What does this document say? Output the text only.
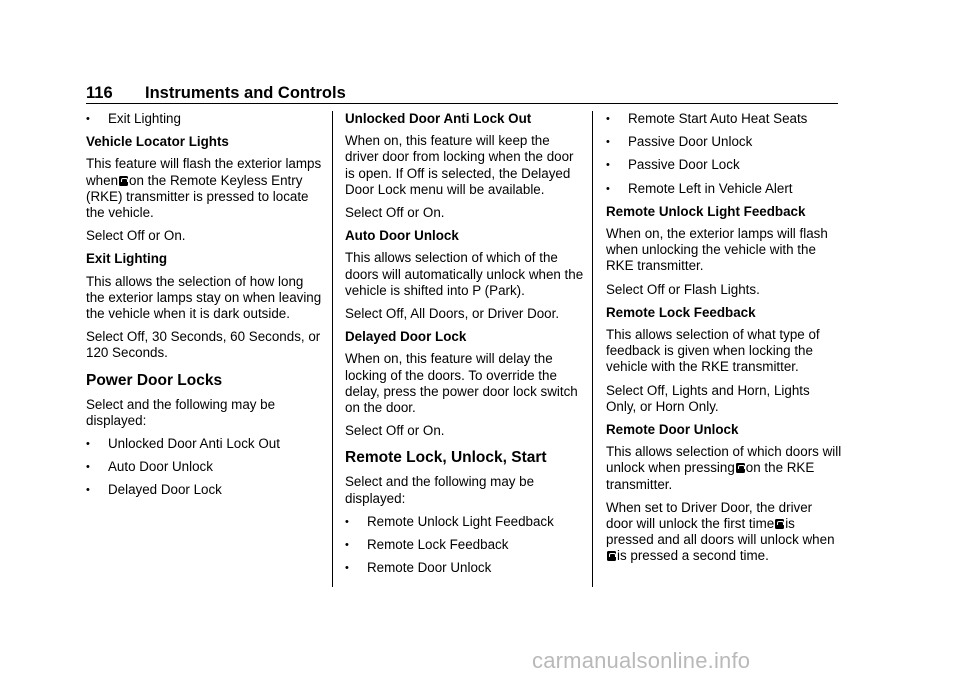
116 Instruments and Controls
• Exit Lighting
Vehicle Locator Lights
This feature will flash the exterior lamps when on the Remote Keyless Entry (RKE) transmitter is pressed to locate the vehicle.
Select Off or On.
Exit Lighting
This allows the selection of how long the exterior lamps stay on when leaving the vehicle when it is dark outside.
Select Off, 30 Seconds, 60 Seconds, or 120 Seconds.
Power Door Locks
Select and the following may be displayed:
• Unlocked Door Anti Lock Out
• Auto Door Unlock
• Delayed Door Lock
Unlocked Door Anti Lock Out
When on, this feature will keep the driver door from locking when the door is open. If Off is selected, the Delayed Door Lock menu will be available.
Select Off or On.
Auto Door Unlock
This allows selection of which of the doors will automatically unlock when the vehicle is shifted into P (Park).
Select Off, All Doors, or Driver Door.
Delayed Door Lock
When on, this feature will delay the locking of the doors. To override the delay, press the power door lock switch on the door.
Select Off or On.
Remote Lock, Unlock, Start
Select and the following may be displayed:
• Remote Unlock Light Feedback
• Remote Lock Feedback
• Remote Door Unlock
• Remote Start Auto Heat Seats
• Passive Door Unlock
• Passive Door Lock
• Remote Left in Vehicle Alert
Remote Unlock Light Feedback
When on, the exterior lamps will flash when unlocking the vehicle with the RKE transmitter.
Select Off or Flash Lights.
Remote Lock Feedback
This allows selection of what type of feedback is given when locking the vehicle with the RKE transmitter.
Select Off, Lights and Horn, Lights Only, or Horn Only.
Remote Door Unlock
This allows selection of which doors will unlock when pressing on the RKE transmitter.
When set to Driver Door, the driver door will unlock the first time is pressed and all doors will unlock whenis pressed a second time.
carmanualsonline.info
